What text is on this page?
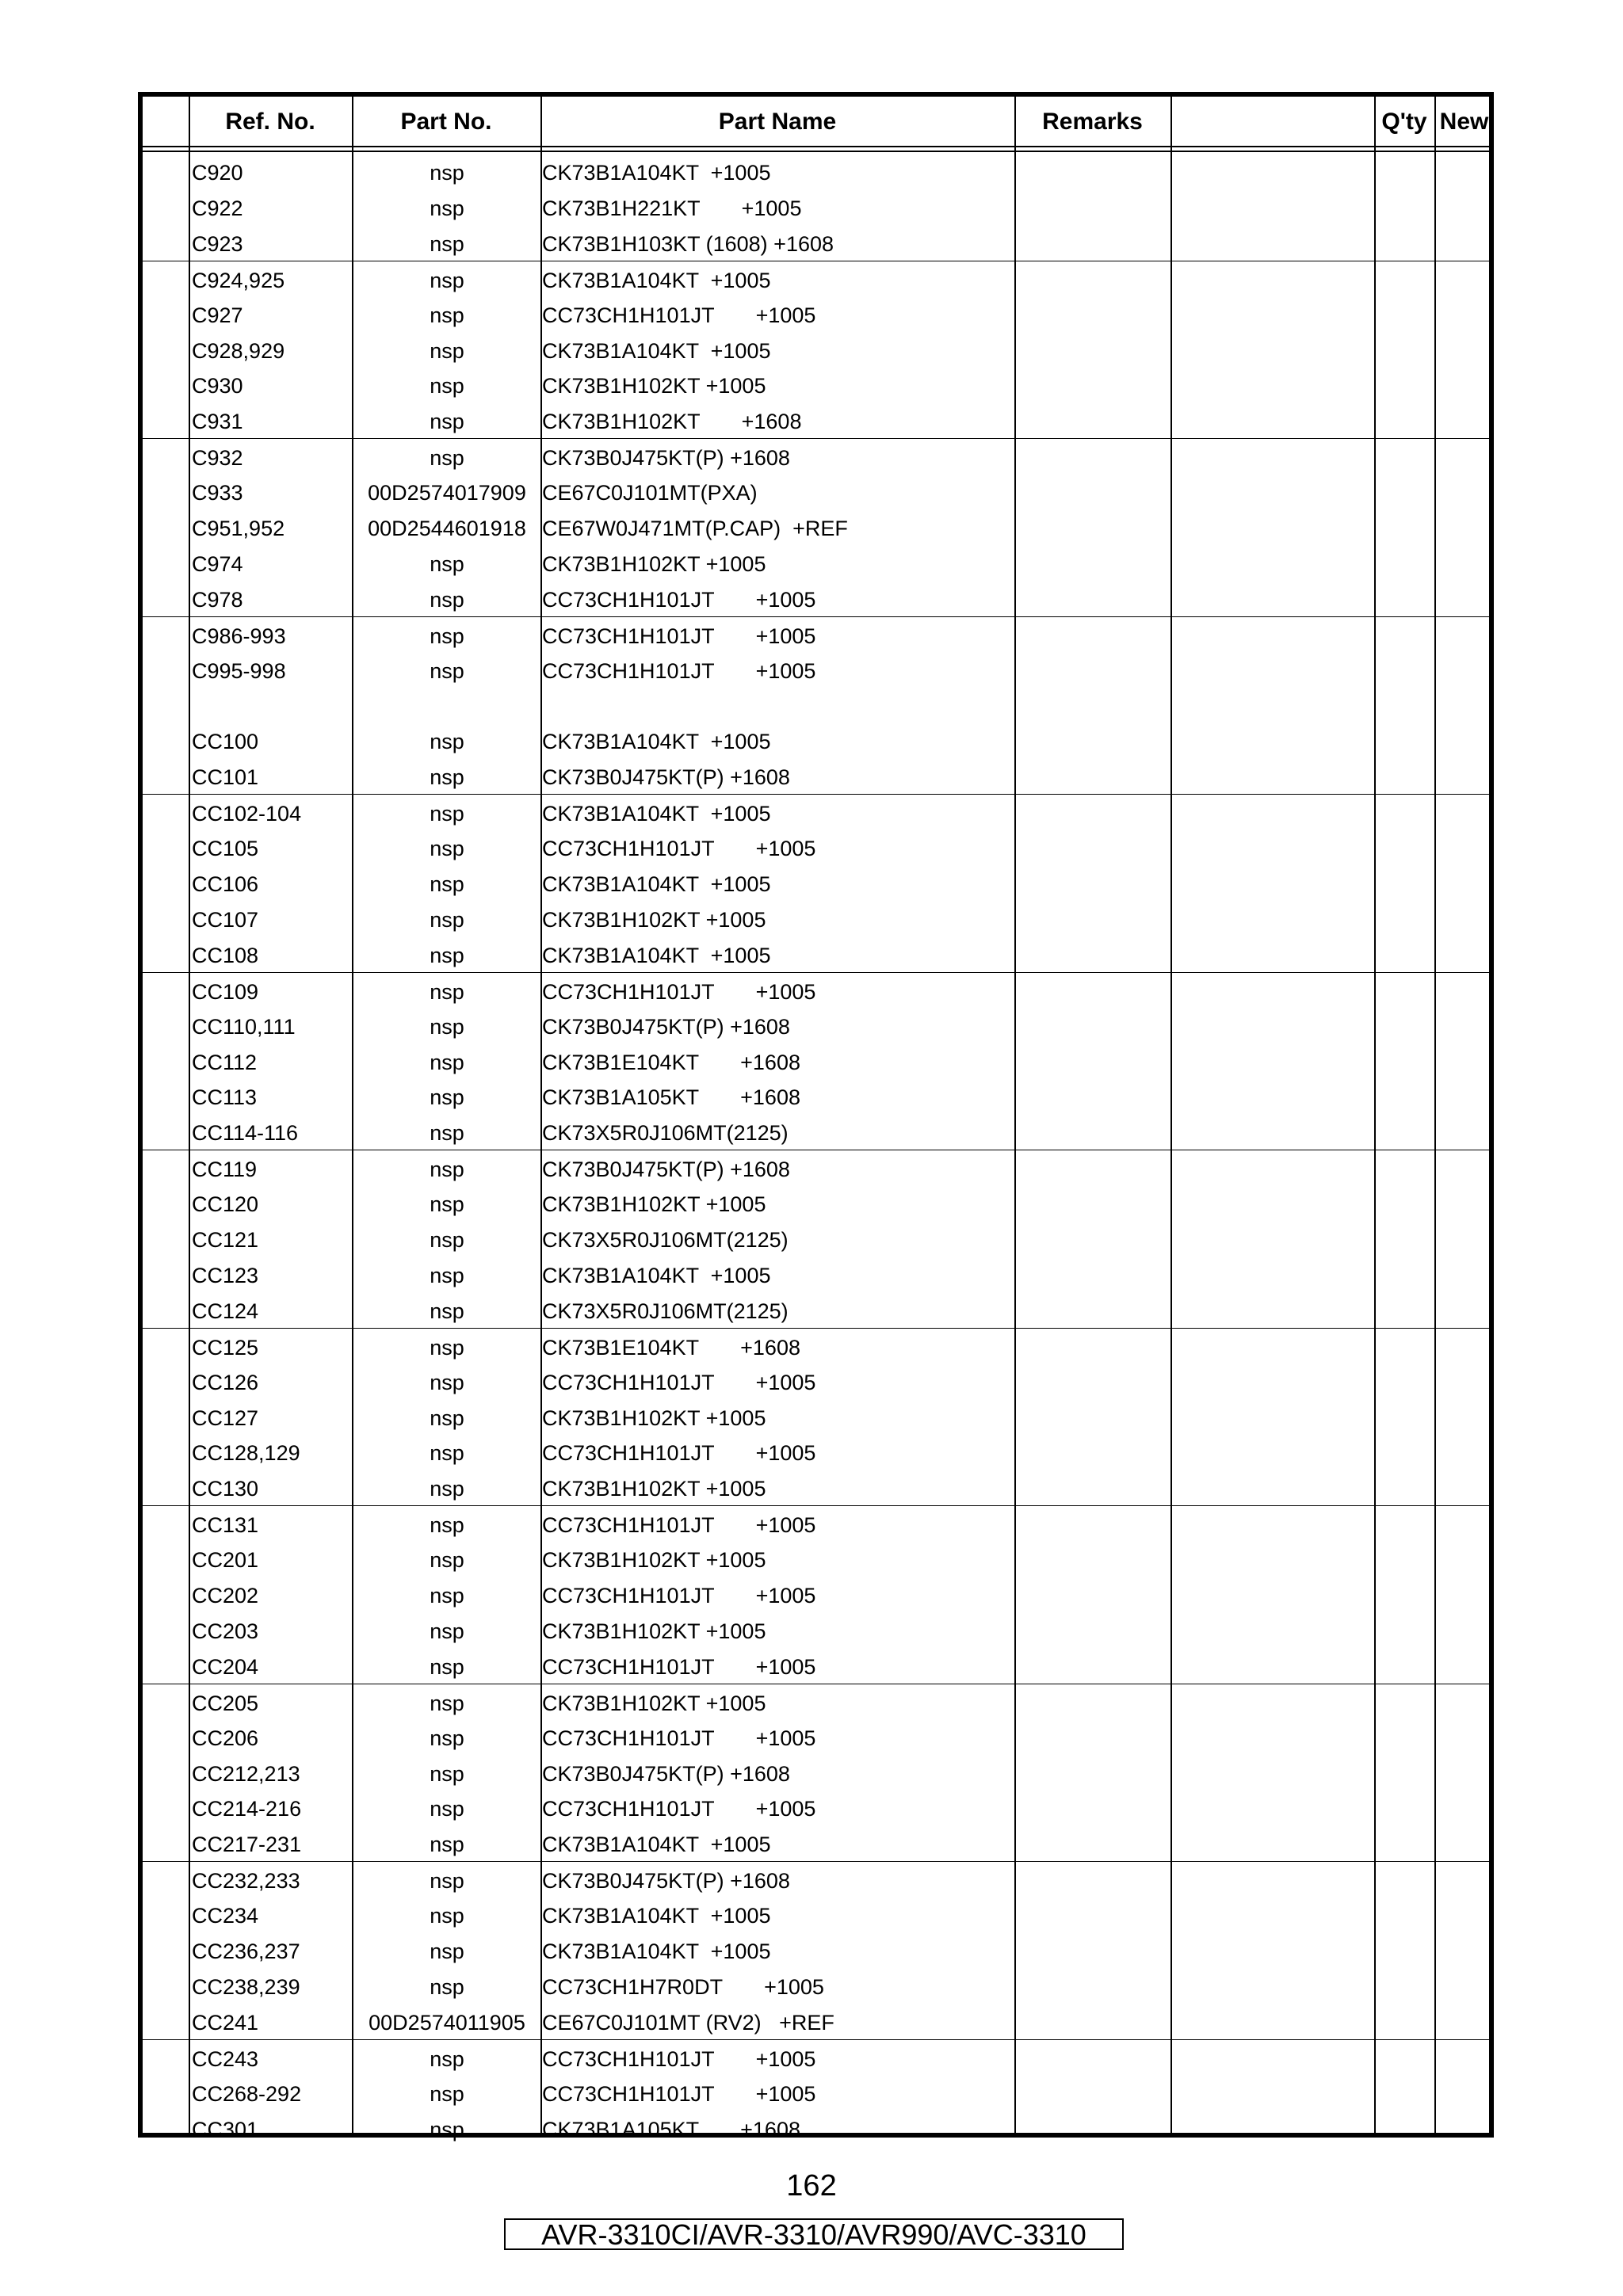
Ref. No.	Part No.	Part Name	Remarks	Q'ty New
C920	nsp	CK73B1A104KT  +1005
C922	nsp	CK73B1H221KT       +1005
C923	nsp	CK73B1H103KT (1608) +1608
C924,925	nsp	CK73B1A104KT  +1005
C927	nsp	CC73CH1H101JT       +1005
C928,929	nsp	CK73B1A104KT  +1005
C930	nsp	CK73B1H102KT +1005
C931	nsp	CK73B1H102KT       +1608
C932	nsp	CK73B0J475KT(P) +1608
C933	00D2574017909 CE67C0J101MT(PXA)
C951,952	00D2544601918 CE67W0J471MT(P.CAP)  +REF
C974	nsp	CK73B1H102KT +1005
C978	nsp	CC73CH1H101JT       +1005
C986-993	nsp	CC73CH1H101JT       +1005
C995-998	nsp	CC73CH1H101JT       +1005
CC100	nsp	CK73B1A104KT  +1005
CC101	nsp	CK73B0J475KT(P) +1608
CC102-104	nsp	CK73B1A104KT  +1005
CC105	nsp	CC73CH1H101JT       +1005
CC106	nsp	CK73B1A104KT  +1005
CC107	nsp	CK73B1H102KT +1005
CC108	nsp	CK73B1A104KT  +1005
CC109	nsp	CC73CH1H101JT       +1005
CC110,111	nsp	CK73B0J475KT(P) +1608
CC112	nsp	CK73B1E104KT       +1608
CC113	nsp	CK73B1A105KT       +1608
CC114-116	nsp	CK73X5R0J106MT(2125)
CC119	nsp	CK73B0J475KT(P) +1608
CC120	nsp	CK73B1H102KT +1005
CC121	nsp	CK73X5R0J106MT(2125)
CC123	nsp	CK73B1A104KT  +1005
CC124	nsp	CK73X5R0J106MT(2125)
CC125	nsp	CK73B1E104KT       +1608
CC126	nsp	CC73CH1H101JT       +1005
CC127	nsp	CK73B1H102KT +1005
CC128,129	nsp	CC73CH1H101JT       +1005
CC130	nsp	CK73B1H102KT +1005
CC131	nsp	CC73CH1H101JT       +1005
CC201	nsp	CK73B1H102KT +1005
CC202	nsp	CC73CH1H101JT       +1005
CC203	nsp	CK73B1H102KT +1005
CC204	nsp	CC73CH1H101JT       +1005
CC205	nsp	CK73B1H102KT +1005
CC206	nsp	CC73CH1H101JT       +1005
CC212,213	nsp	CK73B0J475KT(P) +1608
CC214-216	nsp	CC73CH1H101JT       +1005
CC217-231	nsp	CK73B1A104KT  +1005
CC232,233	nsp	CK73B0J475KT(P) +1608
CC234	nsp	CK73B1A104KT  +1005
CC236,237	nsp	CK73B1A104KT  +1005
CC238,239	nsp	CC73CH1H7R0DT       +1005
CC241	00D2574011905 CE67C0J101MT (RV2)   +REF
CC243	nsp	CC73CH1H101JT       +1005
CC268-292	nsp	CC73CH1H101JT       +1005
CC301	nsp	CK73B1A105KT       +1608
162
AVR-3310CI/AVR-3310/AVR990/AVC-3310
